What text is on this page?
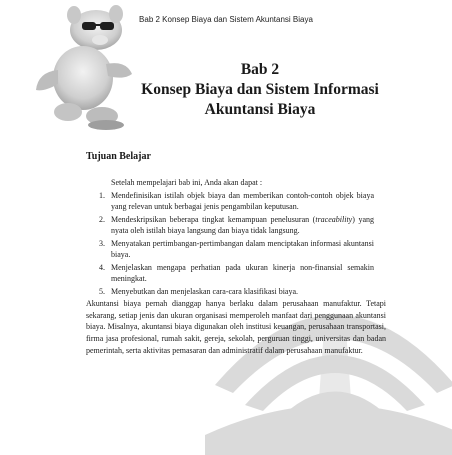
Bab 2 Konsep Biaya dan Sistem Akuntansi Biaya
Bab 2
Konsep Biaya dan Sistem Informasi
Akuntansi Biaya
Tujuan Belajar
Setelah mempelajari bab ini, Anda akan dapat :
1. Mendefinisikan istilah objek biaya dan memberikan contoh-contoh objek biaya yang relevan untuk berbagai jenis pengambilan keputusan.
2. Mendeskripsikan beberapa tingkat kemampuan penelusuran (traceability) yang nyata oleh istilah biaya langsung dan biaya tidak langsung.
3. Menyatakan pertimbangan-pertimbangan dalam menciptakan informasi akuntansi biaya.
4. Menjelaskan mengapa perhatian pada ukuran kinerja non-finansial semakin meningkat.
5. Menyebutkan dan menjelaskan cara-cara klasifikasi biaya.

Akuntansi biaya pernah dianggap hanya berlaku dalam perusahaan manufaktur. Tetapi sekarang, setiap jenis dan ukuran organisasi memperoleh manfaat dari penggunaan akuntansi biaya. Misalnya, akuntansi biaya digunakan oleh institusi keuangan, perusahaan transportasi, firma jasa profesional, rumah sakit, gereja, sekolah, perguruan tinggi, universitas dan badan pemerintah, serta aktivitas pemasaran dan administratif dalam perusahaan manufaktur.
